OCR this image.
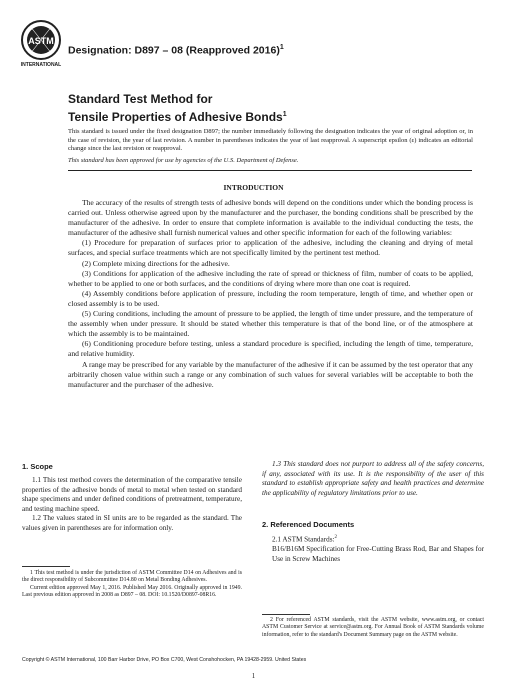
ASTM
INTERNATIONAL
Designation: D897 – 08 (Reapproved 2016)$^1$
Standard Test Method for
Tensile Properties of Adhesive Bonds$^1$
This standard is issued under the fixed designation D897; the number immediately following the designation indicates the year of original adoption or, in the case of revision, the year of last revision. A number in parentheses indicates the year of last reapproval. A superscript epsilon (ε) indicates an editorial change since the last revision or reapproval.
This standard has been approved for use by agencies of the U.S. Department of Defense.
INTRODUCTION

The accuracy of the results of strength tests of adhesive bonds will depend on the conditions under which the bonding process is carried out. Unless otherwise agreed upon by the manufacturer and the purchaser, the bonding conditions shall be prescribed by the manufacturer of the adhesive. In order to ensure that complete information is available to the individual conducting the tests, the manufacturer of the adhesive shall furnish numerical values and other specific information for each of the following variables:

(1) Procedure for preparation of surfaces prior to application of the adhesive, including the cleaning and drying of metal surfaces, and special surface treatments which are not specifically limited by the pertinent test method.

(2) Complete mixing directions for the adhesive.

(3) Conditions for application of the adhesive including the rate of spread or thickness of film, number of coats to be applied, whether to be applied to one or both surfaces, and the conditions of drying where more than one coat is required.

(4) Assembly conditions before application of pressure, including the room temperature, length of time, and whether open or closed assembly is to be used.

(5) Curing conditions, including the amount of pressure to be applied, the length of time under pressure, and the temperature of the assembly when under pressure. It should be stated whether this temperature is that of the bond line, or of the atmosphere at which the assembly is to be maintained.

(6) Conditioning procedure before testing, unless a standard procedure is specified, including the length of time, temperature, and relative humidity.

A range may be prescribed for any variable by the manufacturer of the adhesive if it can be assumed by the test operator that any arbitrarily chosen value within such a range or any combination of such values for several variables will be acceptable to both the manufacturer and the purchaser of the adhesive.

1. Scope

1.1 This test method covers the determination of the comparative tensile properties of the adhesive bonds of metal to metal when tested on standard shape specimens and under defined conditions of pretreatment, temperature, and testing machine speed.

1.2 The values stated in SI units are to be regarded as the standard. The values given in parentheses are for information only.

1.3 This standard does not purport to address all of the safety concerns, if any, associated with its use. It is the responsibility of the user of this standard to establish appropriate safety and health practices and determine the applicability of regulatory limitations prior to use.

2. Referenced Documents

2.1 ASTM Standards:$^2$

B16/B16M Specification for Free-Cutting Brass Rod, Bar and Shapes for Use in Screw Machines

1 This test method is under the jurisdiction of ASTM Committee D14 on Adhesives and is the direct responsibility of Subcommittee D14.80 on Metal Bonding Adhesives.

Current edition approved May 1, 2016. Published May 2016. Originally approved in 1949. Last previous edition approved in 2008 as D897 – 08. DOI: 10.1520/D0897-08R16.

2 For referenced ASTM standards, visit the ASTM website, www.astm.org, or contact ASTM Customer Service at service@astm.org. For Annual Book of ASTM Standards volume information, refer to the standard's Document Summary page on the ASTM website.

Copyright © ASTM International, 100 Barr Harbor Drive, PO Box C700, West Conshohocken, PA 19428-2959. United States
1
